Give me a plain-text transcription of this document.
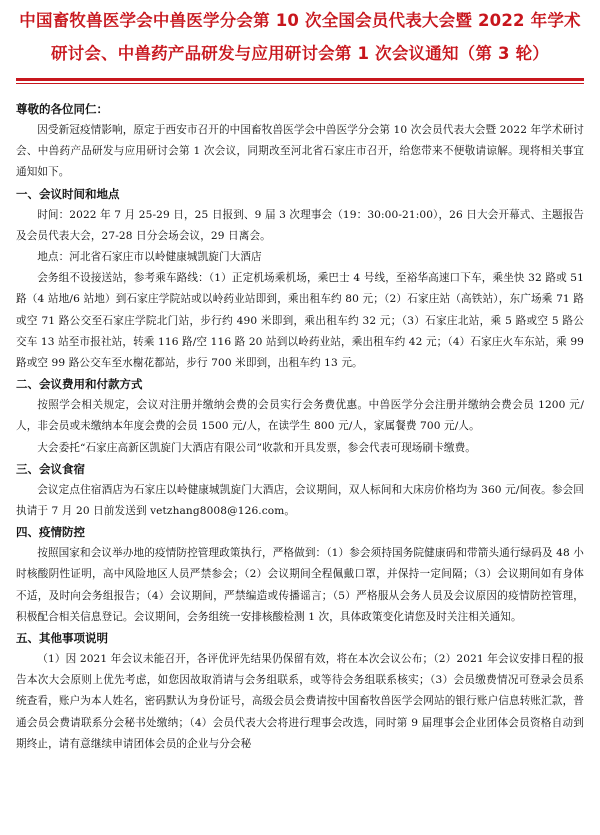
中国畜牧兽医学会中兽医学分会第 10 次全国会员代表大会暨 2022 年学术研讨会、中兽药产品研发与应用研讨会第 1 次会议通知（第 3 轮）
尊敬的各位同仁：

因受新冠疫情影响，原定于西安市召开的中国畜牧兽医学会中兽医学分会第 10 次会员代表大会暨 2022 年学术研讨会、中兽药产品研发与应用研讨会第 1 次会议，同期改至河北省石家庄市召开，给您带来不便敬请谅解。现将相关事宜通知如下。

一、会议时间和地点

时间：2022 年 7 月 25-29 日，25 日报到、9 届 3 次理事会（19：30:00-21:00），26 日大会开幕式、主题报告及会员代表大会，27-28 日分会场会议，29 日离会。

地点：河北省石家庄市以岭健康城凯旋门大酒店

会务组不设接送站，参考乘车路线：（1）正定机场乘机场，乘巴士 4 号线，至裕华高速口下车，乘坐快 32 路或 51 路（4 站地/6 站地）到石家庄学院站或以岭药业站即到，乘出租车约 80 元；（2）石家庄站（高铁站），东广场乘 71 路或空 71 路公交至石家庄学院北门站，步行约 490 米即到，乘出租车约 32 元；（3）石家庄北站，乘 5 路或空 5 路公交车 13 站至市报社站，转乘 116 路/空 116 路 20 站到以岭药业站，乘出租车约 42 元；（4）石家庄火车东站，乘 99 路或空 99 路公交车至水榭花都站，步行 700 米即到，出租车约 13 元。

二、会议费用和付款方式

按照学会相关规定，会议对注册并缴纳会费的会员实行会务费优惠。中兽医学分会注册并缴纳会费会员 1200 元/人，非会员或未缴纳本年度会费的会员 1500 元/人，在读学生 800 元/人，家属餐费 700 元/人。

大会委托“石家庄高新区凯旋门大酒店有限公司”收款和开具发票，参会代表可现场刷卡缴费。

三、会议食宿

会议定点住宿酒店为石家庄以岭健康城凯旋门大酒店，会议期间，双人标间和大床房价格均为 360 元/间夜。参会回执请于 7 月 20 日前发送到 vetzhang8008@126.com。

四、疫情防控

按照国家和会议举办地的疫情防控管理政策执行，严格做到：（1）参会须持国务院健康码和带箭头通行绿码及 48 小时核酸阴性证明，高中风险地区人员严禁参会；（2）会议期间全程佩戴口罩，并保持一定间隔；（3）会议期间如有身体不适，及时向会务组报告；（4）会议期间，严禁编造或传播谣言；（5）严格服从会务人员及会议原因的疫情防控管理，积极配合相关信息登记。会议期间，会务组统一安排核酸检测 1 次，具体政策变化请您及时关注相关通知。

五、其他事项说明

（1）因 2021 年会议未能召开，各评优评先结果仍保留有效，将在本次会议公布；（2）2021 年会议安排日程的报告本次大会原则上优先考虑，如您因故取消请与会务组联系，或等待会务组联系核实；（3）会员缴费情况可登录会员系统查看，账户为本人姓名，密码默认为身份证号，高级会员会费请按中国畜牧兽医学会网站的银行账户信息转账汇款，普通会员会费请联系分会秘书处缴纳；（4）会员代表大会将进行理事会改选，同时第 9 届理事会企业团体会员资格自动到期终止，请有意继续申请团体会员的企业与分会秘
